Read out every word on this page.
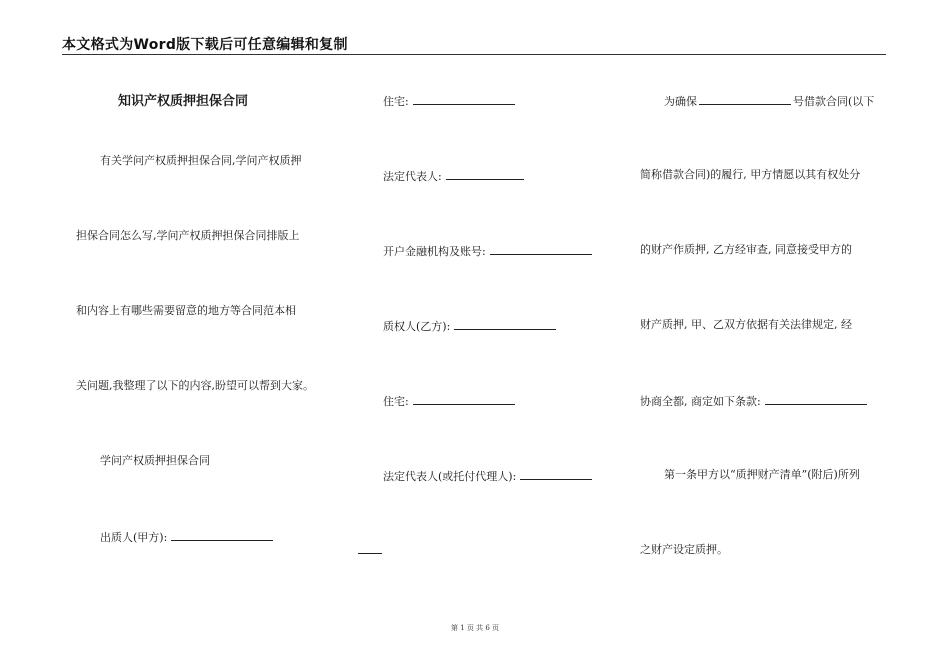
本文格式为Word版下载后可任意编辑和复制
知识产权质押担保合同
有关学问产权质押担保合同,学问产权质押
担保合同怎么写,学问产权质押担保合同排版上
和内容上有哪些需要留意的地方等合同范本相
关问题,我整理了以下的内容,盼望可以帮到大家。
学问产权质押担保合同
出质人(甲方):
住宅:
法定代表人:
开户金融机构及账号:
质权人(乙方):
住宅:
法定代表人(或托付代理人):
为确保	号借款合同(以下
简称借款合同)的履行, 甲方情愿以其有权处分
的财产作质押, 乙方经审查, 同意接受甲方的
财产质押, 甲、乙双方依据有关法律规定, 经
协商全都, 商定如下条款:
第一条甲方以“质押财产清单”(附后)所列
之财产设定质押。
第 1 页 共 6 页
